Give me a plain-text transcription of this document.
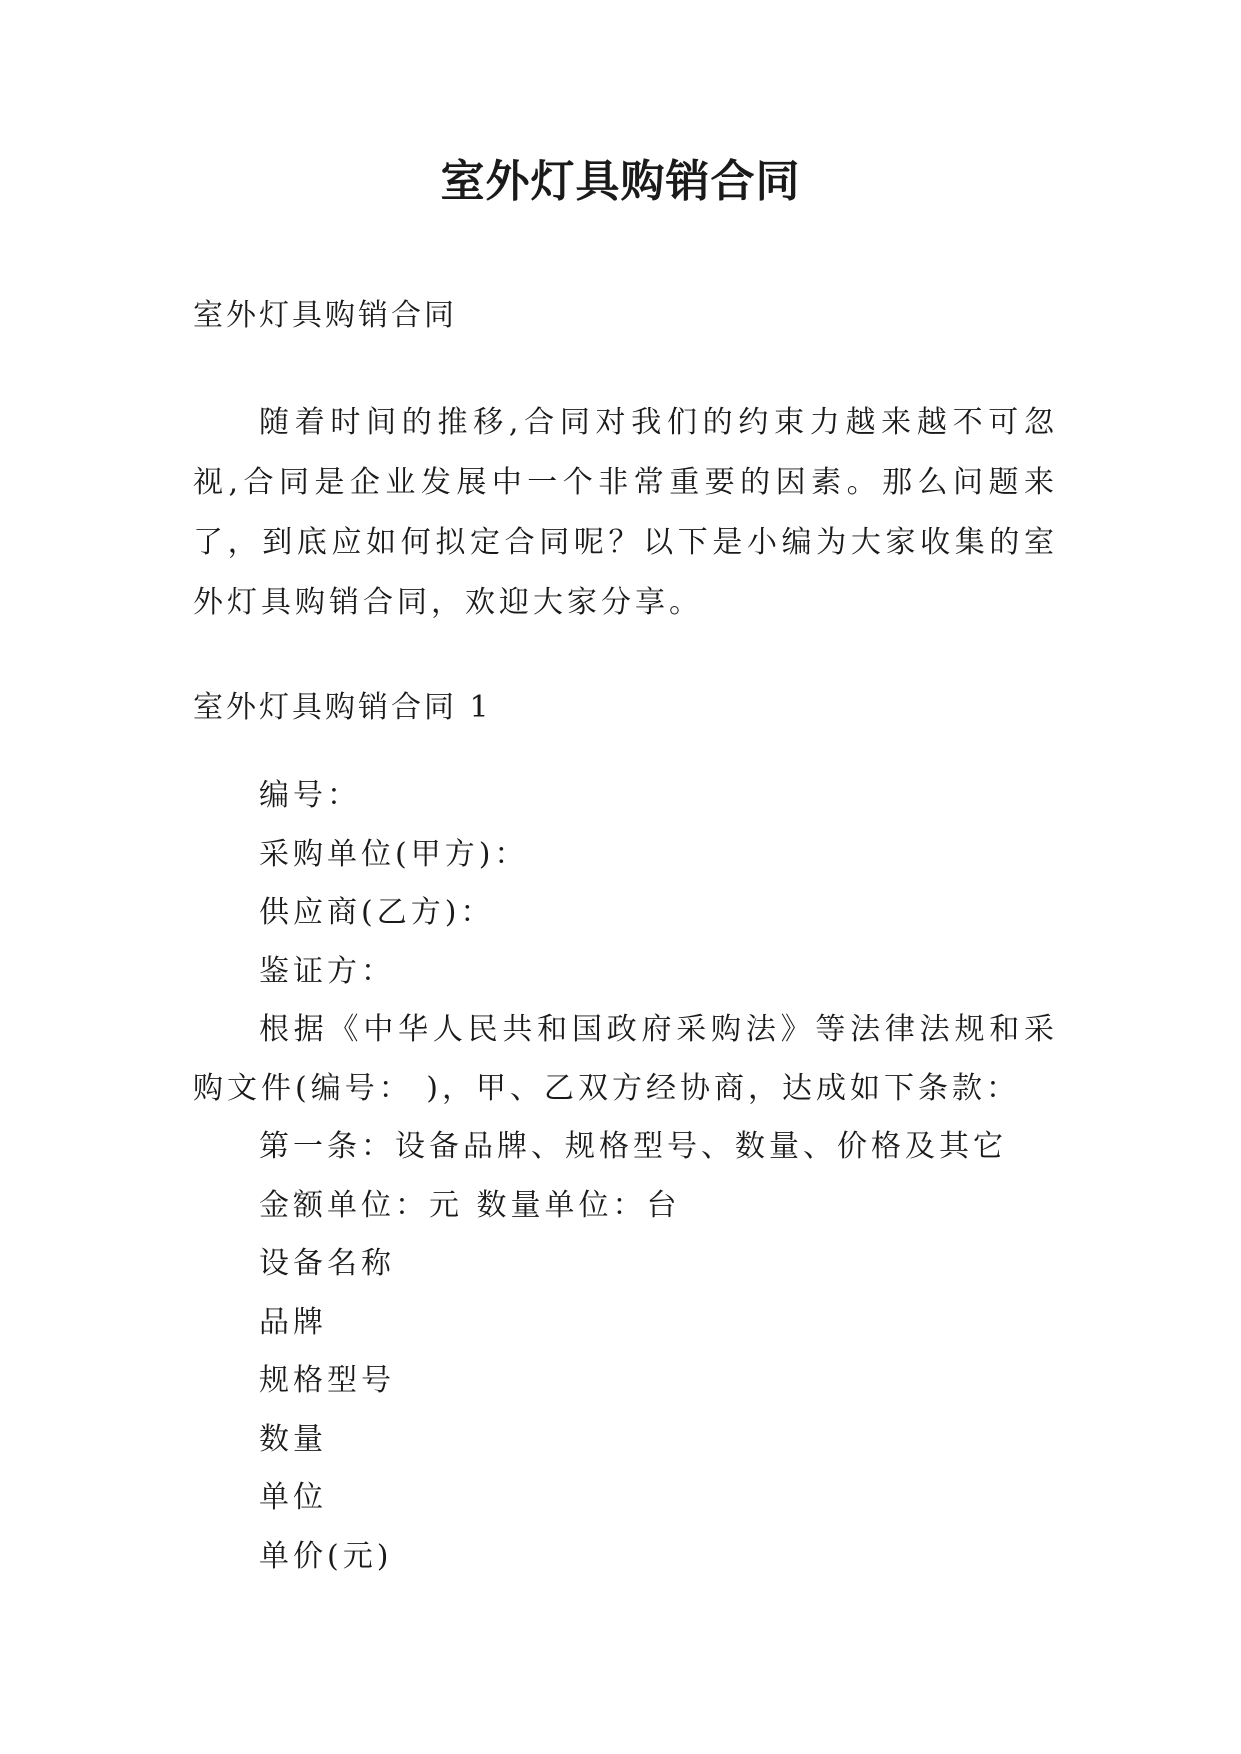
室外灯具购销合同

室外灯具购销合同

随着时间的推移,合同对我们的约束力越来越不可忽视,合同是企业发展中一个非常重要的因素。那么问题来了，到底应如何拟定合同呢？以下是小编为大家收集的室外灯具购销合同，欢迎大家分享。

室外灯具购销合同 1

编号：

采购单位(甲方)：

供应商(乙方)：

鉴证方：

根据《中华人民共和国政府采购法》等法律法规和采购文件(编号： )，甲、乙双方经协商，达成如下条款：

第一条：设备品牌、规格型号、数量、价格及其它

金额单位：元 数量单位：台

设备名称

品牌

规格型号

数量

单位

单价(元)
